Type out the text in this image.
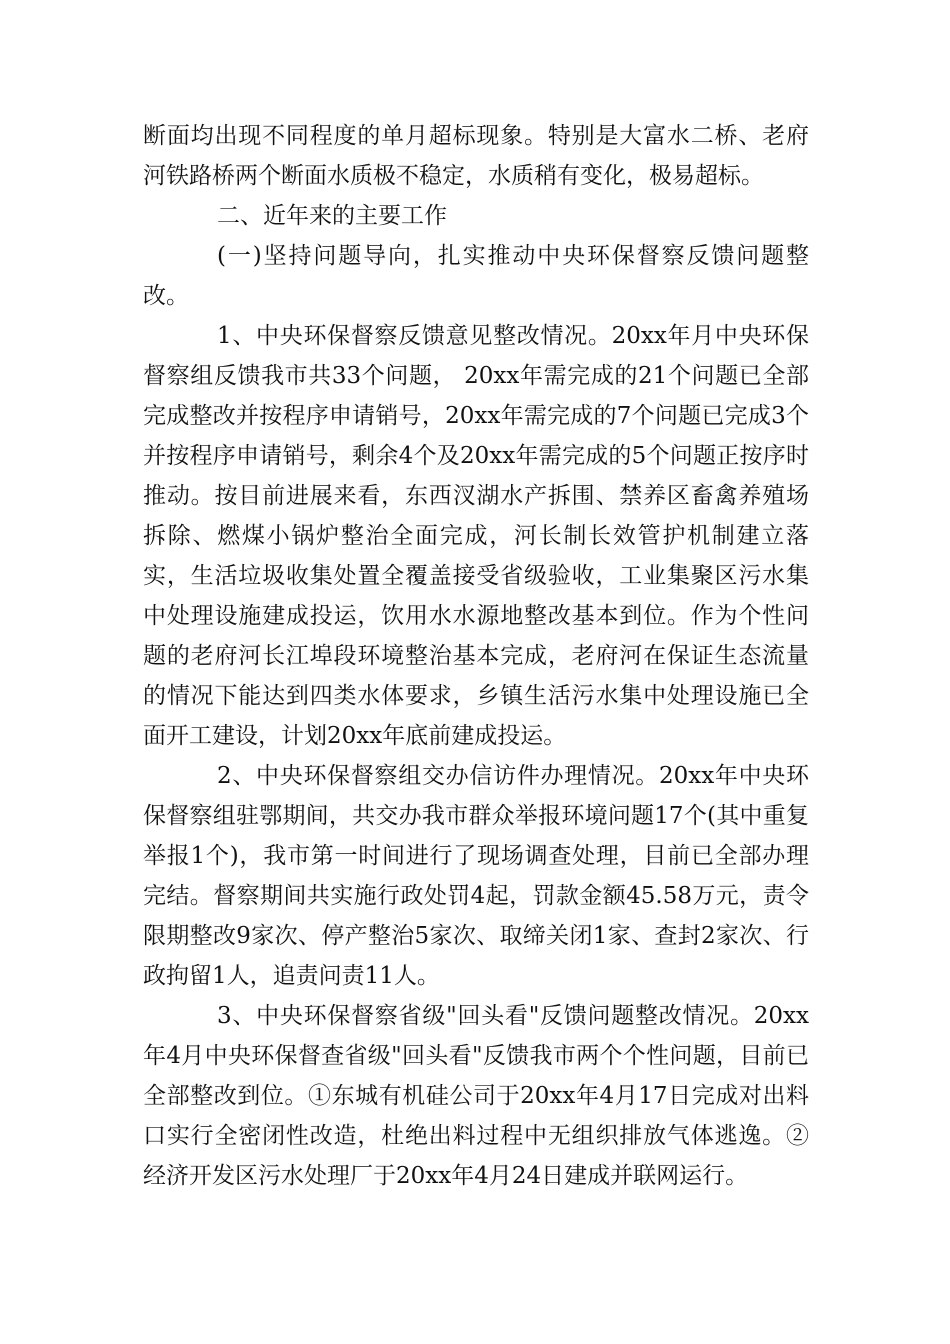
断面均出现不同程度的单月超标现象。特别是大富水二桥、老府河铁路桥两个断面水质极不稳定，水质稍有变化，极易超标。

二、近年来的主要工作

(一)坚持问题导向，扎实推动中央环保督察反馈问题整改。

1、中央环保督察反馈意见整改情况。20xx年月中央环保督察组反馈我市共33个问题， 20xx年需完成的21个问题已全部完成整改并按程序申请销号，20xx年需完成的7个问题已完成3个并按程序申请销号，剩余4个及20xx年需完成的5个问题正按序时推动。按目前进展来看，东西汊湖水产拆围、禁养区畜禽养殖场拆除、燃煤小锅炉整治全面完成，河长制长效管护机制建立落实，生活垃圾收集处置全覆盖接受省级验收，工业集聚区污水集中处理设施建成投运，饮用水水源地整改基本到位。作为个性问题的老府河长江埠段环境整治基本完成，老府河在保证生态流量的情况下能达到四类水体要求，乡镇生活污水集中处理设施已全面开工建设，计划20xx年底前建成投运。

2、中央环保督察组交办信访件办理情况。20xx年中央环保督察组驻鄂期间，共交办我市群众举报环境问题17个(其中重复举报1个)，我市第一时间进行了现场调查处理，目前已全部办理完结。督察期间共实施行政处罚4起，罚款金额45.58万元，责令限期整改9家次、停产整治5家次、取缔关闭1家、查封2家次、行政拘留1人，追责问责11人。

3、中央环保督察省级"回头看"反馈问题整改情况。20xx年4月中央环保督查省级"回头看"反馈我市两个个性问题，目前已全部整改到位。①东城有机硅公司于20xx年4月17日完成对出料口实行全密闭性改造，杜绝出料过程中无组织排放气体逃逸。②经济开发区污水处理厂于20xx年4月24日建成并联网运行。
